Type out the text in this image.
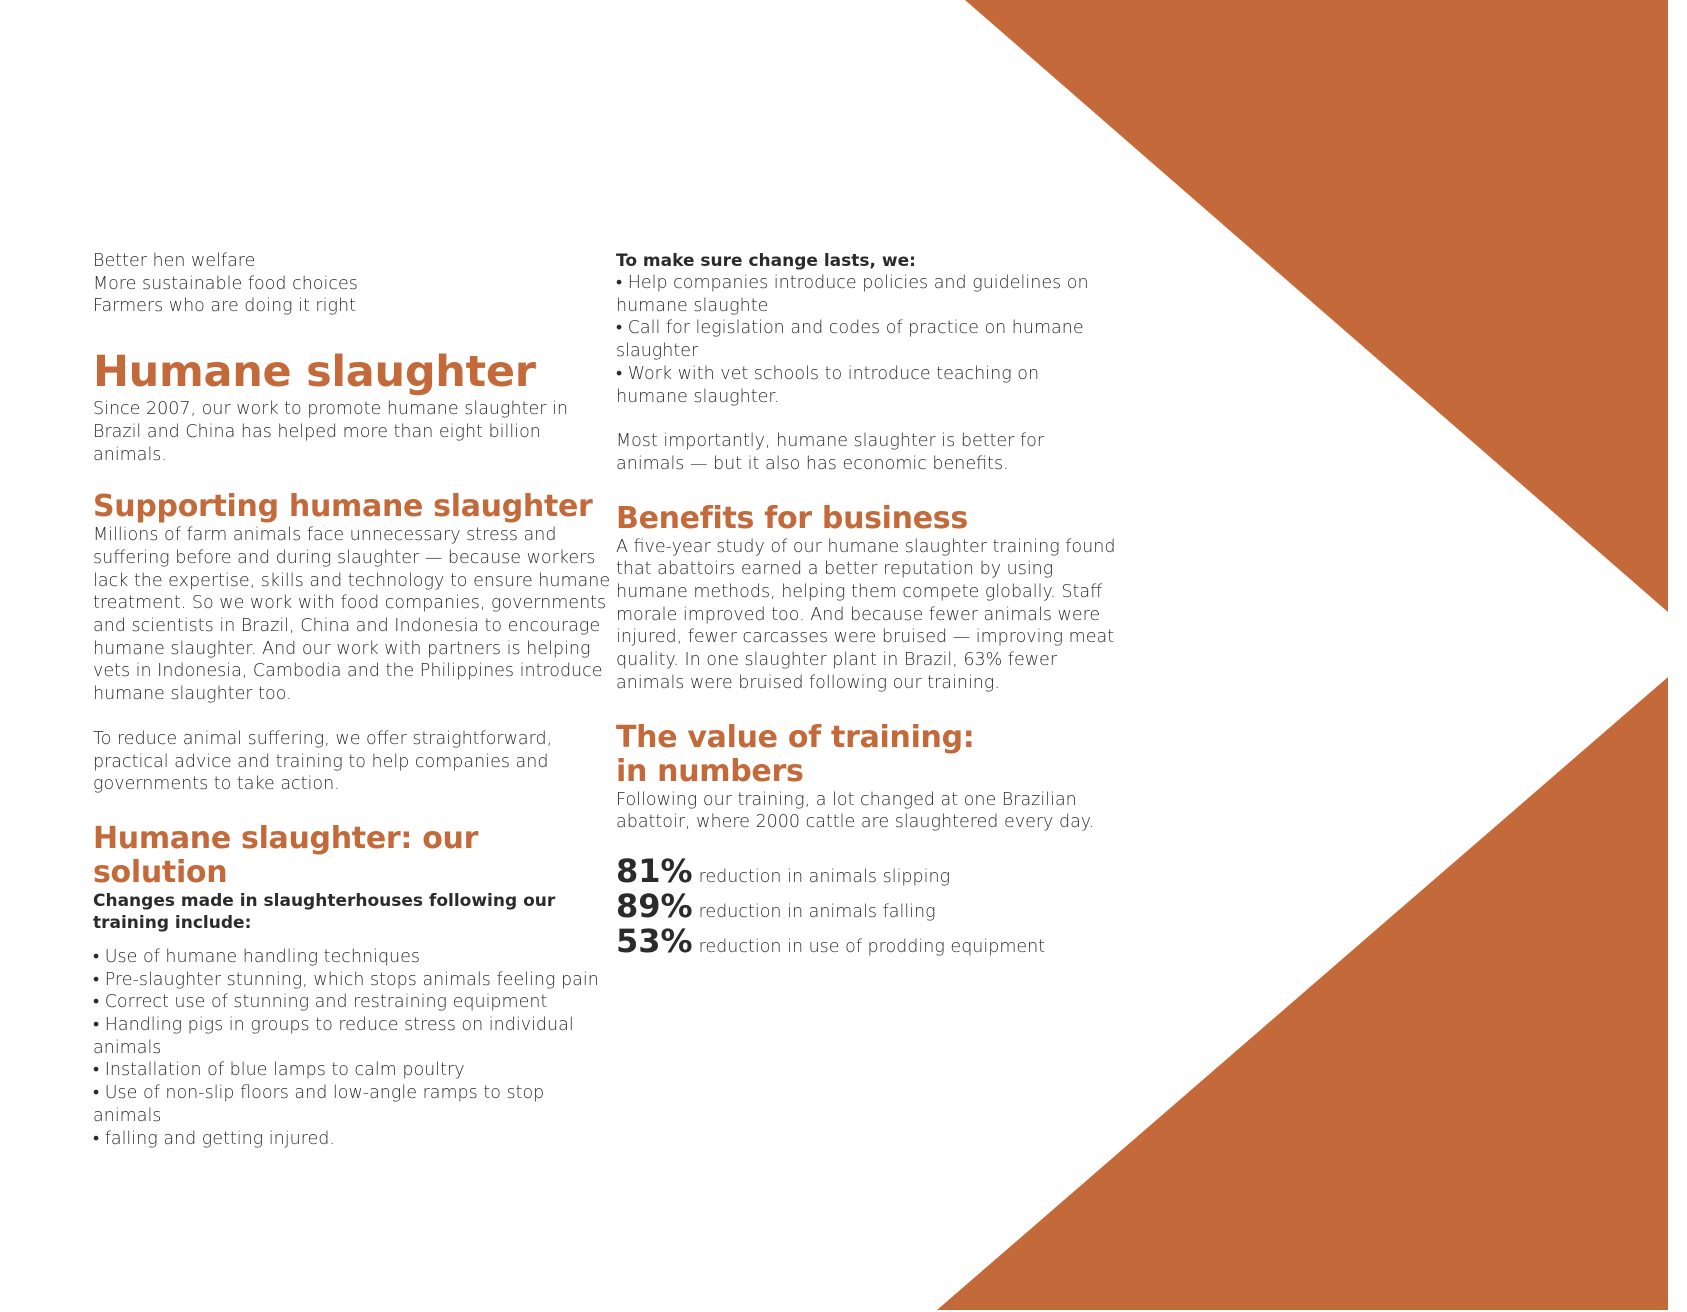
Better hen welfare

More sustainable food choices

Farmers who are doing it right

Humane slaughter

Since 2007, our work to promote humane slaughter in Brazil and China has helped more than eight billion animals.

Supporting humane slaughter

Millions of farm animals face unnecessary stress and suffering before and during slaughter — because workers lack the expertise, skills and technology to ensure humane treatment. So we work with food companies, governments and scientists in Brazil, China and Indonesia to encourage humane slaughter. And our work with partners is helping vets in Indonesia, Cambodia and the Philippines introduce humane slaughter too.

To reduce animal suffering, we offer straightforward, practical advice and training to help companies and governments to take action.

Humane slaughter: our solution

Changes made in slaughterhouses following our training include:

• Use of humane handling techniques
• Pre-slaughter stunning, which stops animals feeling pain
• Correct use of stunning and restraining equipment
• Handling pigs in groups to reduce stress on individual animals
• Installation of blue lamps to calm poultry
• Use of non-slip floors and low-angle ramps to stop animals
• falling and getting injured.

To make sure change lasts, we:

• Help companies introduce policies and guidelines on humane slaughte
• Call for legislation and codes of practice on humane slaughter
• Work with vet schools to introduce teaching on humane slaughter.

Most importantly, humane slaughter is better for animals — but it also has economic benefits.

Benefits for business

A five-year study of our humane slaughter training found that abattoirs earned a better reputation by using humane methods, helping them compete globally. Staff morale improved too. And because fewer animals were injured, fewer carcasses were bruised — improving meat quality. In one slaughter plant in Brazil, 63% fewer animals were bruised following our training.

The value of training:
in numbers

Following our training, a lot changed at one Brazilian abattoir, where 2000 cattle are slaughtered every day.

81% reduction in animals slipping
89% reduction in animals falling
53% reduction in use of prodding equipment
